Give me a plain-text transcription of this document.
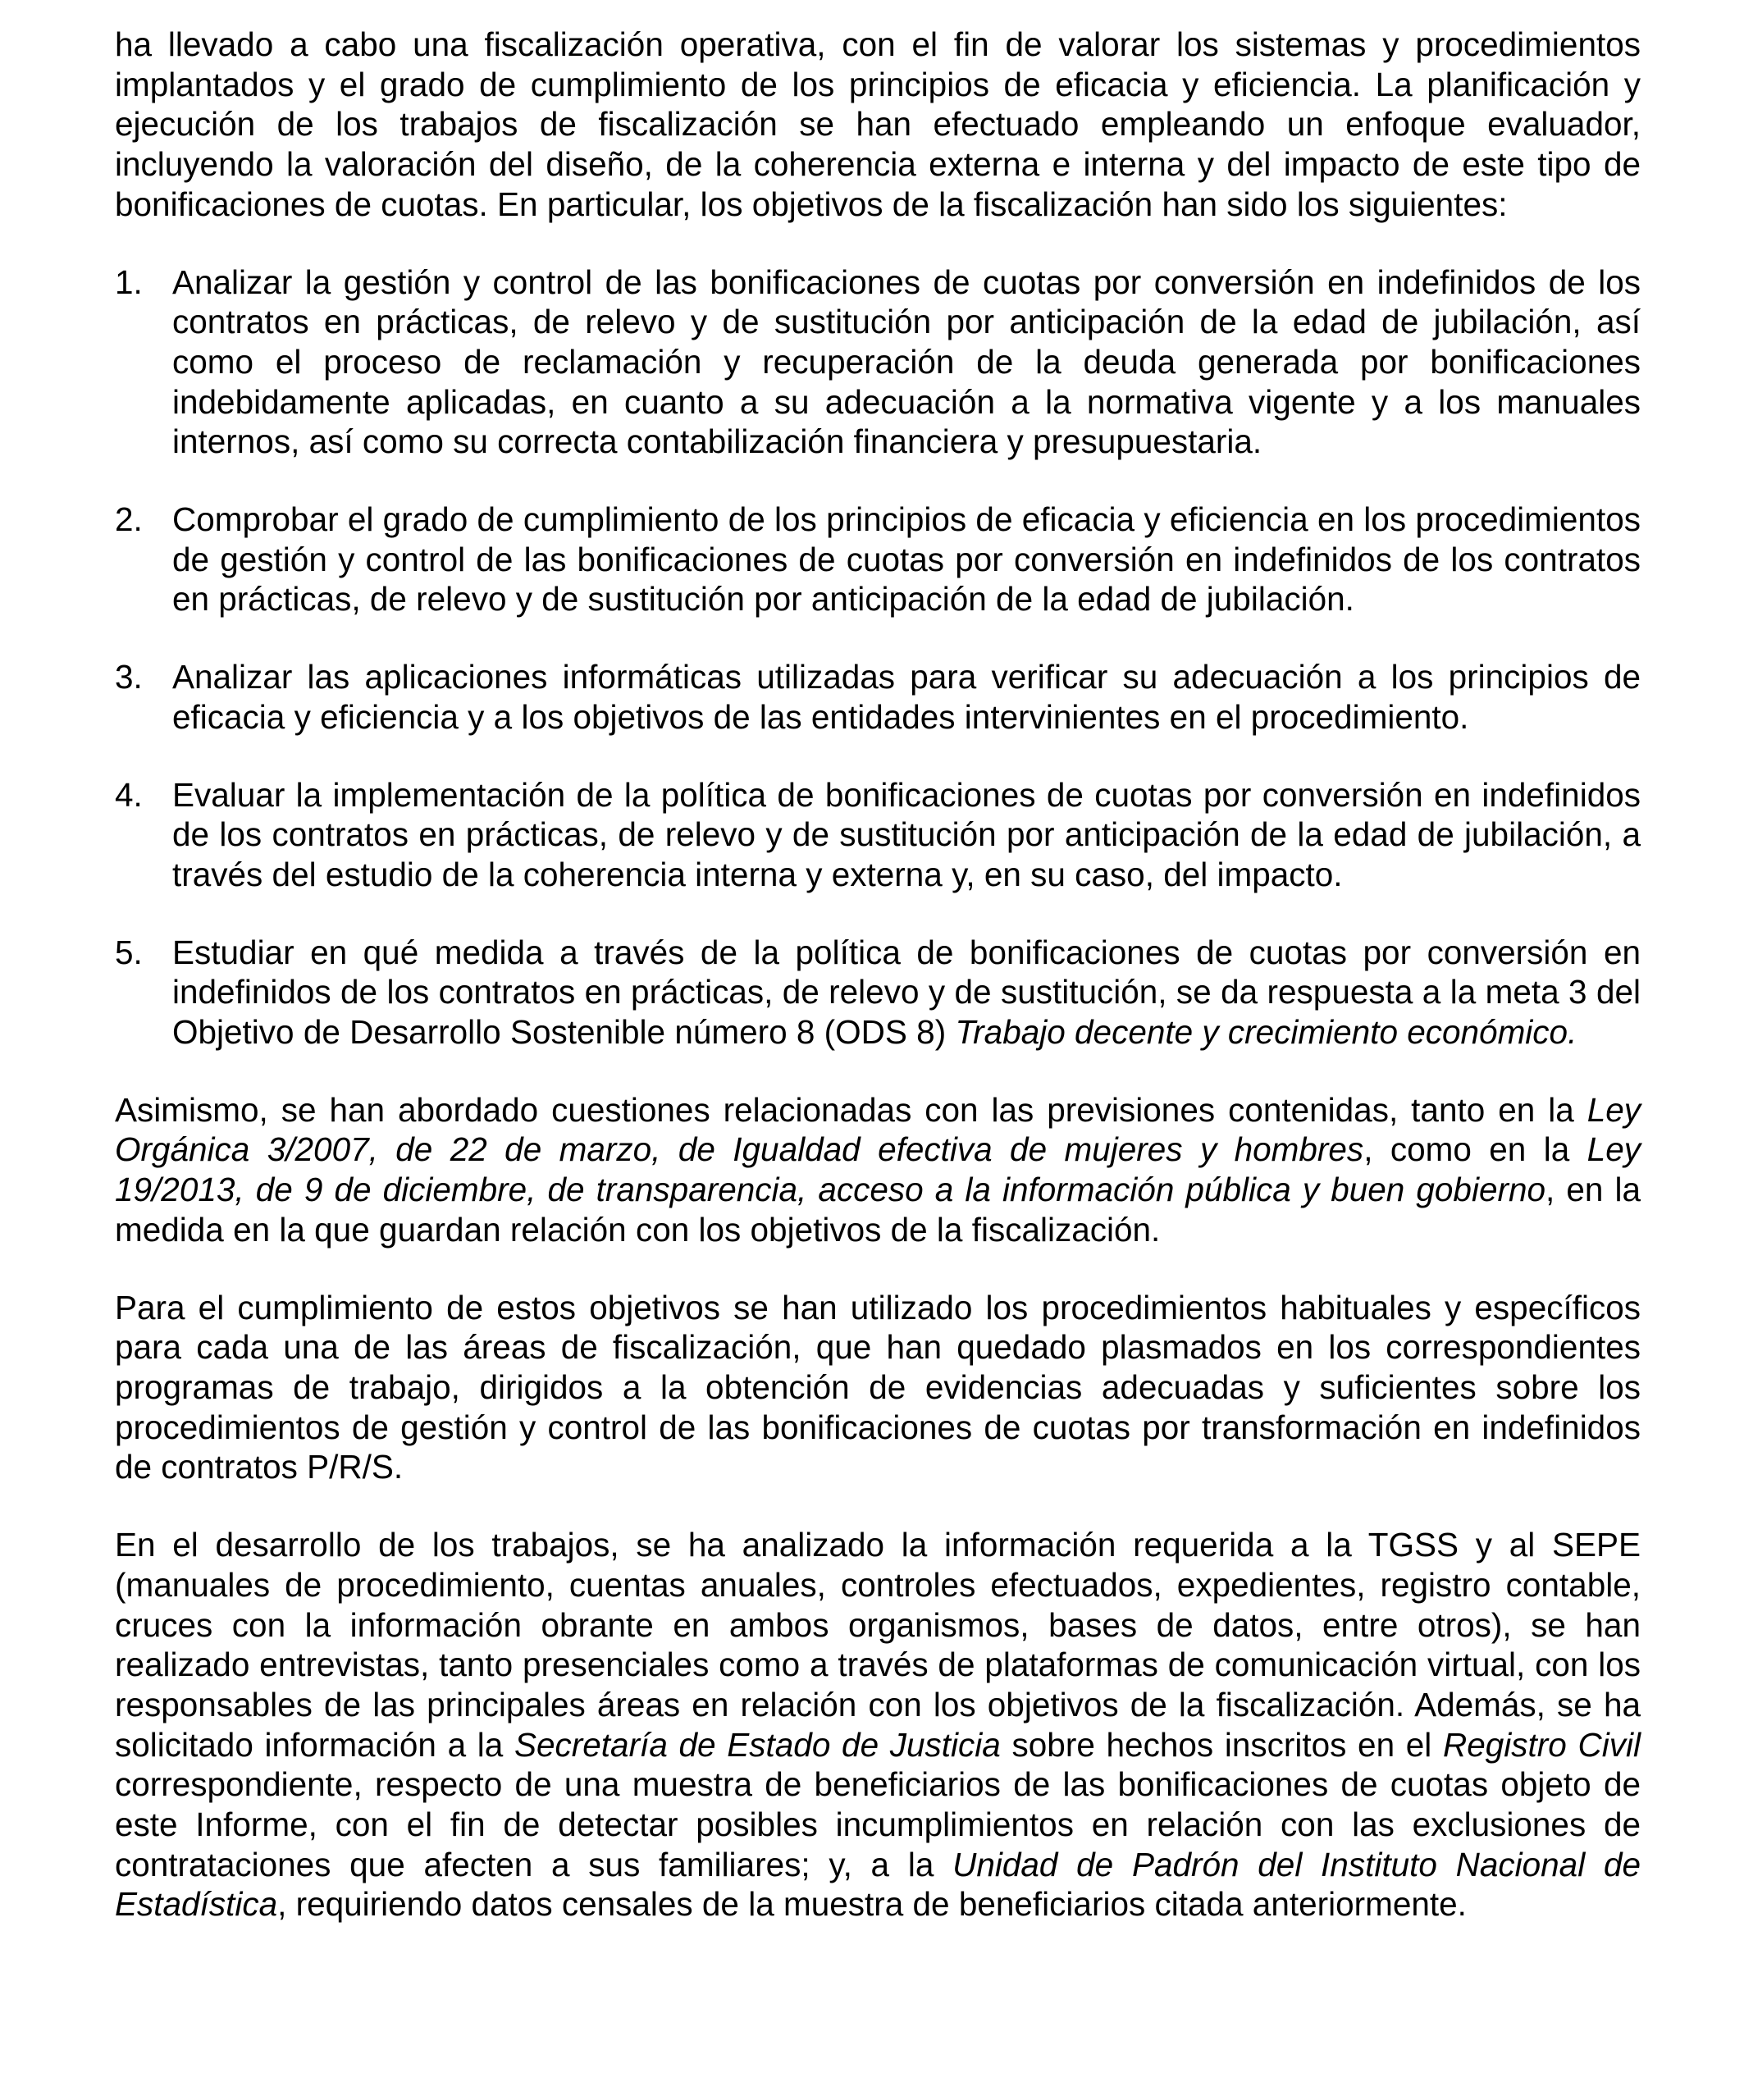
ha llevado a cabo una fiscalización operativa, con el fin de valorar los sistemas y procedimientos implantados y el grado de cumplimiento de los principios de eficacia y eficiencia. La planificación y ejecución de los trabajos de fiscalización se han efectuado empleando un enfoque evaluador, incluyendo la valoración del diseño, de la coherencia externa e interna y del impacto de este tipo de bonificaciones de cuotas. En particular, los objetivos de la fiscalización han sido los siguientes:

1. Analizar la gestión y control de las bonificaciones de cuotas por conversión en indefinidos de los contratos en prácticas, de relevo y de sustitución por anticipación de la edad de jubilación, así como el proceso de reclamación y recuperación de la deuda generada por bonificaciones indebidamente aplicadas, en cuanto a su adecuación a la normativa vigente y a los manuales internos, así como su correcta contabilización financiera y presupuestaria.
2. Comprobar el grado de cumplimiento de los principios de eficacia y eficiencia en los procedimientos de gestión y control de las bonificaciones de cuotas por conversión en indefinidos de los contratos en prácticas, de relevo y de sustitución por anticipación de la edad de jubilación.
3. Analizar las aplicaciones informáticas utilizadas para verificar su adecuación a los principios de eficacia y eficiencia y a los objetivos de las entidades intervinientes en el procedimiento.
4. Evaluar la implementación de la política de bonificaciones de cuotas por conversión en indefinidos de los contratos en prácticas, de relevo y de sustitución por anticipación de la edad de jubilación, a través del estudio de la coherencia interna y externa y, en su caso, del impacto.
5. Estudiar en qué medida a través de la política de bonificaciones de cuotas por conversión en indefinidos de los contratos en prácticas, de relevo y de sustitución, se da respuesta a la meta 3 del Objetivo de Desarrollo Sostenible número 8 (ODS 8) Trabajo decente y crecimiento económico.

Asimismo, se han abordado cuestiones relacionadas con las previsiones contenidas, tanto en la Ley Orgánica 3/2007, de 22 de marzo, de Igualdad efectiva de mujeres y hombres, como en la Ley 19/2013, de 9 de diciembre, de transparencia, acceso a la información pública y buen gobierno, en la medida en la que guardan relación con los objetivos de la fiscalización.

Para el cumplimiento de estos objetivos se han utilizado los procedimientos habituales y específicos para cada una de las áreas de fiscalización, que han quedado plasmados en los correspondientes programas de trabajo, dirigidos a la obtención de evidencias adecuadas y suficientes sobre los procedimientos de gestión y control de las bonificaciones de cuotas por transformación en indefinidos de contratos P/R/S.

En el desarrollo de los trabajos, se ha analizado la información requerida a la TGSS y al SEPE (manuales de procedimiento, cuentas anuales, controles efectuados, expedientes, registro contable, cruces con la información obrante en ambos organismos, bases de datos, entre otros), se han realizado entrevistas, tanto presenciales como a través de plataformas de comunicación virtual, con los responsables de las principales áreas en relación con los objetivos de la fiscalización. Además, se ha solicitado información a la Secretaría de Estado de Justicia sobre hechos inscritos en el Registro Civil correspondiente, respecto de una muestra de beneficiarios de las bonificaciones de cuotas objeto de este Informe, con el fin de detectar posibles incumplimientos en relación con las exclusiones de contrataciones que afecten a sus familiares; y, a la Unidad de Padrón del Instituto Nacional de Estadística, requiriendo datos censales de la muestra de beneficiarios citada anteriormente.
